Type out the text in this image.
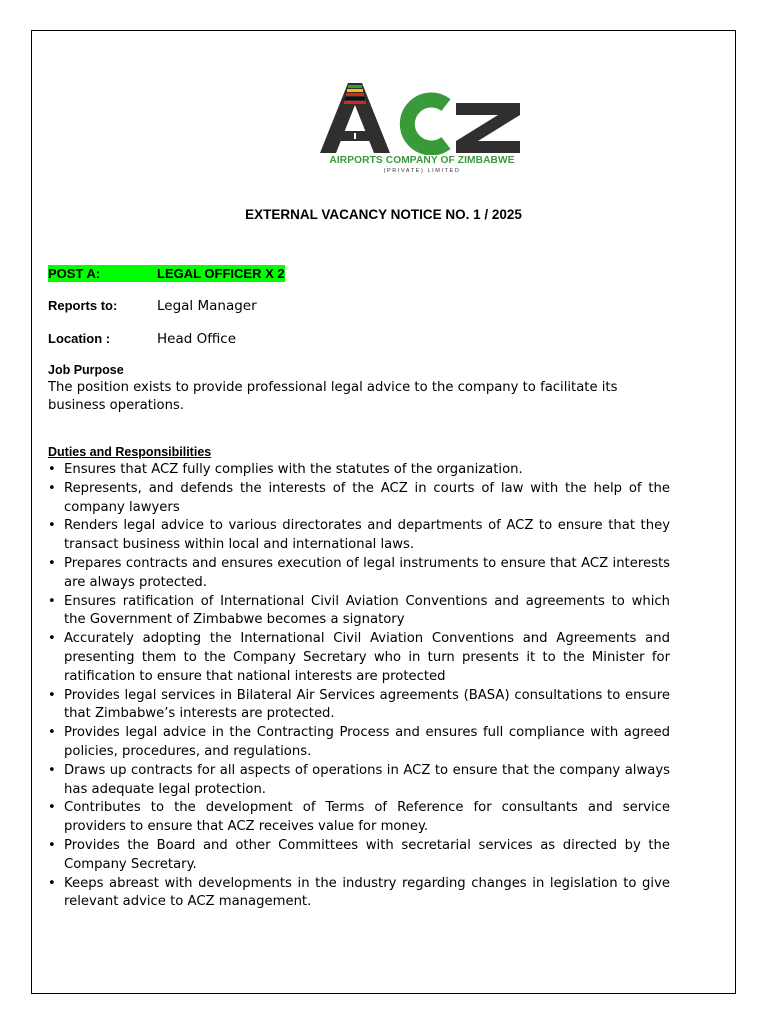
AIRPORTS COMPANY OF ZIMBABWE
(PRIVATE) LIMITED
EXTERNAL VACANCY NOTICE NO. 1 / 2025
POST A:	LEGAL OFFICER X 2
Reports to:	Legal Manager
Location :	Head Office
Job Purpose
The position exists to provide professional legal advice to the company to facilitate its business operations.
Duties and Responsibilities
• Ensures that ACZ fully complies with the statutes of the organization.
• Represents, and defends the interests of the ACZ in courts of law with the help of the company lawyers
• Renders legal advice to various directorates and departments of ACZ to ensure that they transact business within local and international laws.
• Prepares contracts and ensures execution of legal instruments to ensure that ACZ interests are always protected.
• Ensures ratification of International Civil Aviation Conventions and agreements to which the Government of Zimbabwe becomes a signatory
• Accurately adopting the International Civil Aviation Conventions and Agreements and presenting them to the Company Secretary who in turn presents it to the Minister for ratification to ensure that national interests are protected
• Provides legal services in Bilateral Air Services agreements (BASA) consultations to ensure that Zimbabwe’s interests are protected.
• Provides legal advice in the Contracting Process and ensures full compliance with agreed policies, procedures, and regulations.
• Draws up contracts for all aspects of operations in ACZ to ensure that the company always has adequate legal protection.
• Contributes to the development of Terms of Reference for consultants and service providers to ensure that ACZ receives value for money.
• Provides the Board and other Committees with secretarial services as directed by the Company Secretary.
• Keeps abreast with developments in the industry regarding changes in legislation to give relevant advice to ACZ management.
